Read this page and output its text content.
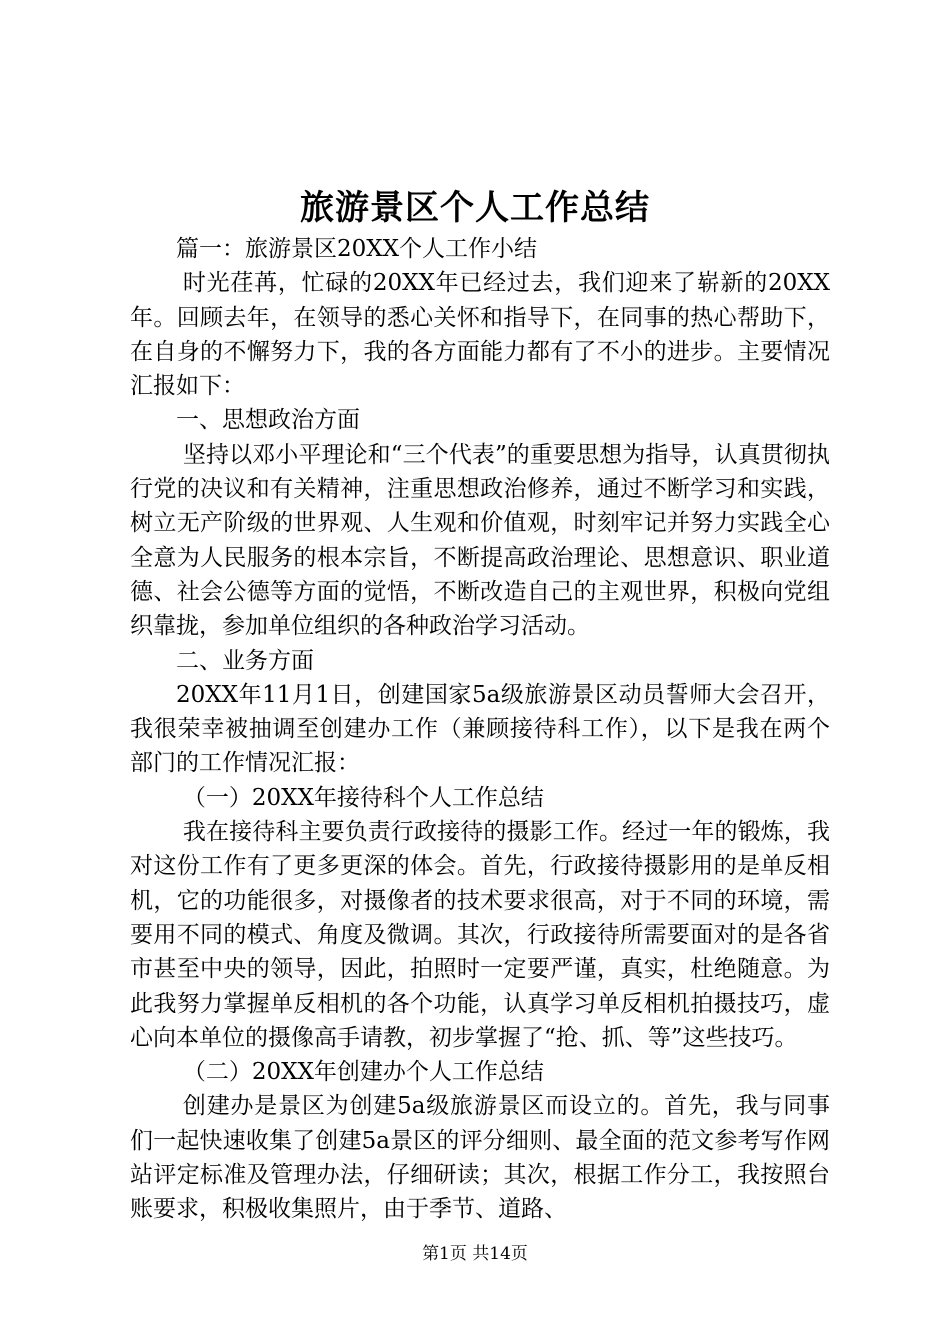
旅游景区个人工作总结

篇一：旅游景区20XX个人工作小结

时光荏苒，忙碌的20XX年已经过去，我们迎来了崭新的20XX年。回顾去年，在领导的悉心关怀和指导下，在同事的热心帮助下，在自身的不懈努力下，我的各方面能力都有了不小的进步。主要情况汇报如下：

一、思想政治方面

坚持以邓小平理论和“三个代表”的重要思想为指导，认真贯彻执行党的决议和有关精神，注重思想政治修养，通过不断学习和实践，树立无产阶级的世界观、人生观和价值观，时刻牢记并努力实践全心全意为人民服务的根本宗旨，不断提高政治理论、思想意识、职业道德、社会公德等方面的觉悟，不断改造自己的主观世界，积极向党组织靠拢，参加单位组织的各种政治学习活动。

二、业务方面

20XX年11月1日，创建国家5a级旅游景区动员誓师大会召开，我很荣幸被抽调至创建办工作（兼顾接待科工作），以下是我在两个部门的工作情况汇报：

（一）20XX年接待科个人工作总结

我在接待科主要负责行政接待的摄影工作。经过一年的锻炼，我对这份工作有了更多更深的体会。首先，行政接待摄影用的是单反相机，它的功能很多，对摄像者的技术要求很高，对于不同的环境，需要用不同的模式、角度及微调。其次，行政接待所需要面对的是各省市甚至中央的领导，因此，拍照时一定要严谨，真实，杜绝随意。为此我努力掌握单反相机的各个功能，认真学习单反相机拍摄技巧，虚心向本单位的摄像高手请教，初步掌握了“抢、抓、等”这些技巧。

（二）20XX年创建办个人工作总结

创建办是景区为创建5a级旅游景区而设立的。首先，我与同事们一起快速收集了创建5a景区的评分细则、最全面的范文参考写作网站评定标准及管理办法，仔细研读；其次，根据工作分工，我按照台账要求，积极收集照片，由于季节、道路、

第1页 共14页
